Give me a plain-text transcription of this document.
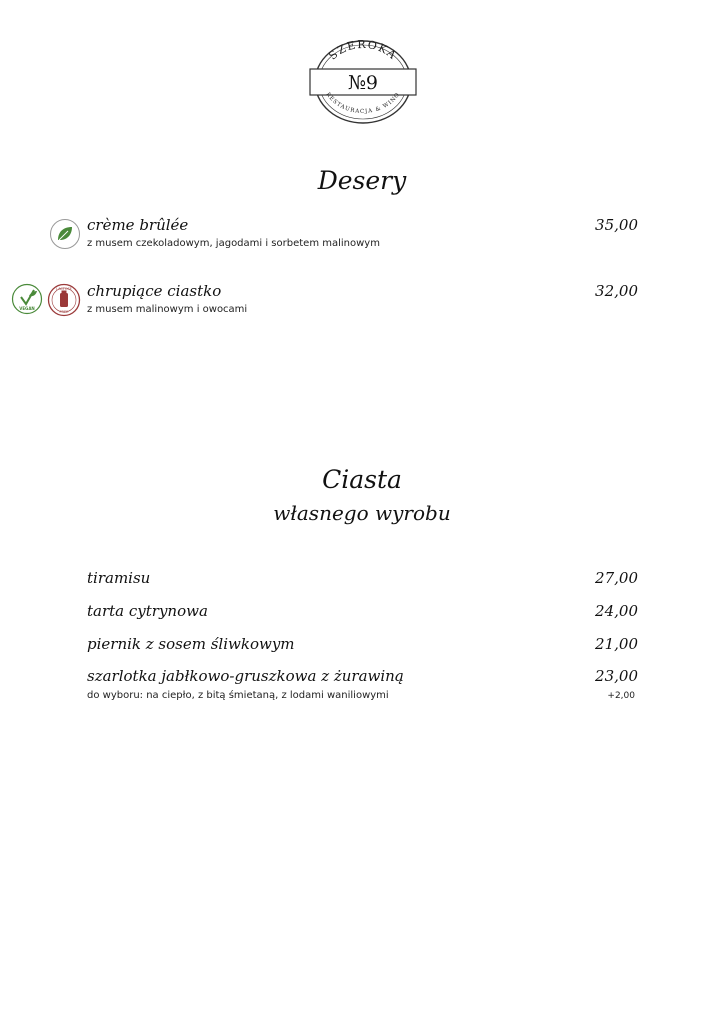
SZEROKA
№9
RESTAURACJA & WINO
Desery
crème brûlée	35,00
z musem czekoladowym, jagodami i sorbetem malinowym
VEGAN
LACTOSE
FREE
chrupiące ciastko	32,00
z musem malinowym i owocami
Ciasta
własnego wyrobu
tiramisu	27,00
tarta cytrynowa	24,00
piernik z sosem śliwkowym	21,00
szarlotka jabłkowo-gruszkowa z żurawiną	23,00
do wyboru: na ciepło, z bitą śmietaną, z lodami waniliowymi	+2,00
